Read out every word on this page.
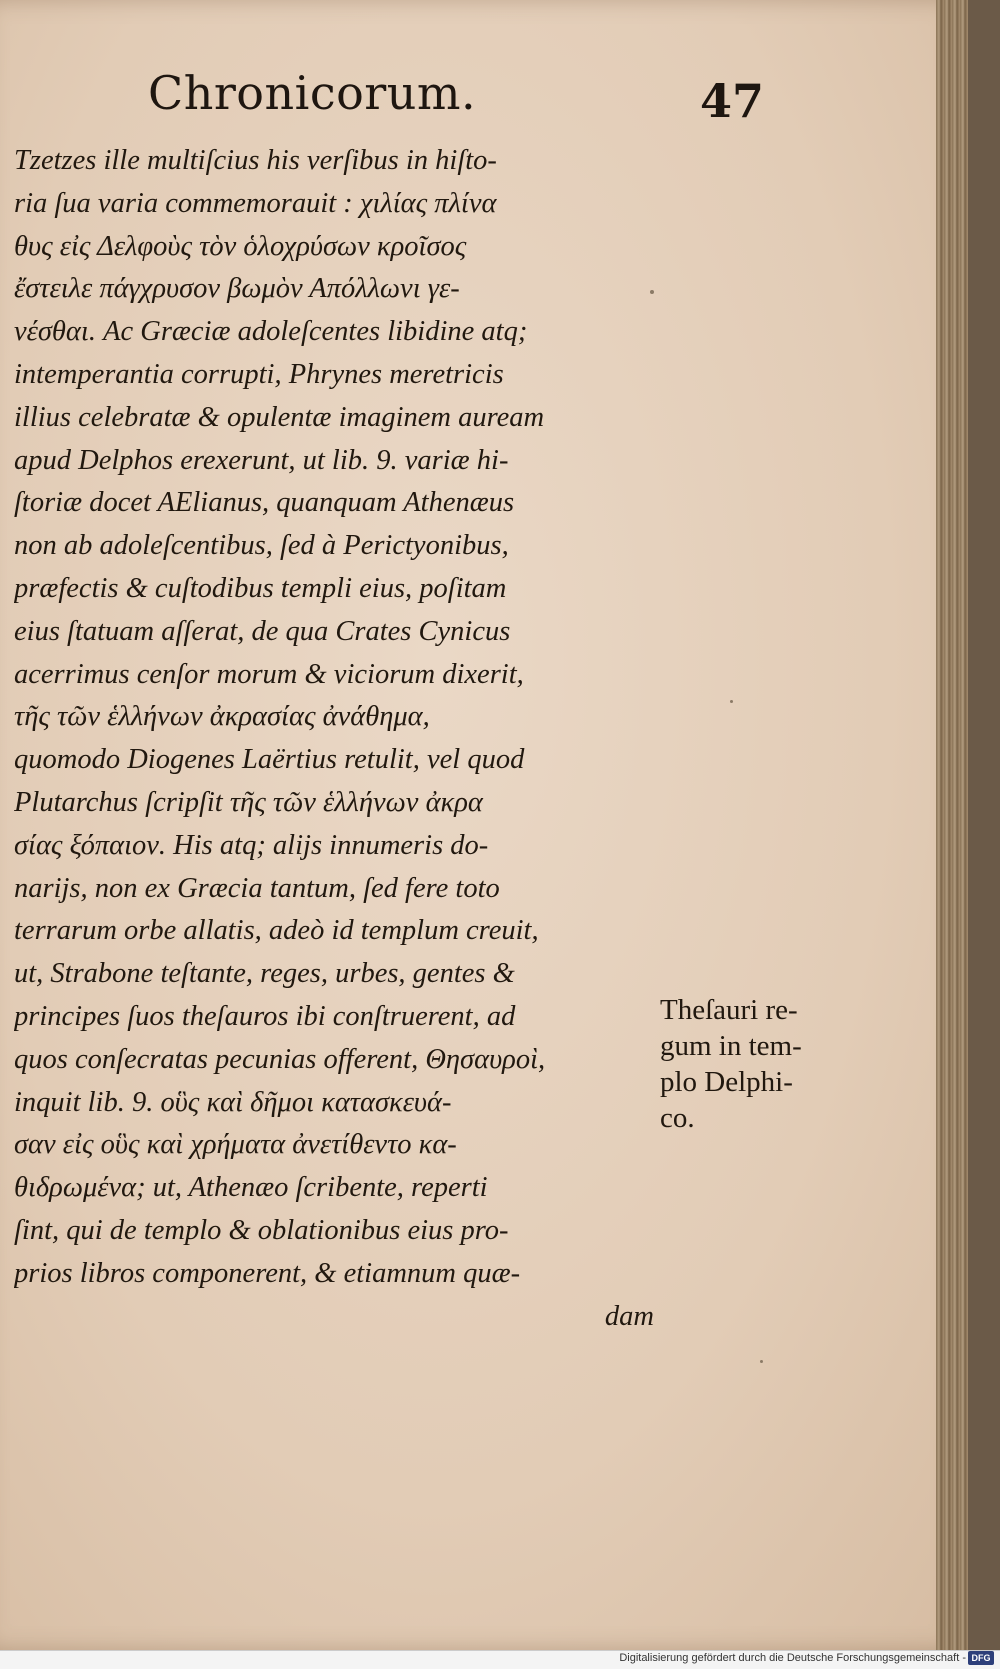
Chronicorum.	47
Tzetzes ille multiſcius his verſibus in hiſto-
ria ſua varia commemorauit : χιλίας πλίνα
θυς εἰς Δελφοὺς τὸν ὁλοχρύσων κροῖσος
ἔστειλε πάγχρυσον βωμὸν Απόλλωνι γε-
νέσθαι. Ac Græciæ adoleſcentes libidine atq;
intemperantia corrupti, Phrynes meretricis
illius celebratæ & opulentæ imaginem auream
apud Delphos erexerunt, ut lib. 9. variæ hi-
ſtoriæ docet AElianus, quanquam Athenæus
non ab adoleſcentibus, ſed à Perictyonibus,
præfectis & cuſtodibus templi eius, poſitam
eius ſtatuam aſſerat, de qua Crates Cynicus
acerrimus cenſor morum & viciorum dixerit,
τῆς τῶν ἑλλήνων ἀκρασίας ἀνάθημα,
quomodo Diogenes Laërtius retulit, vel quod
Plutarchus ſcripſit τῆς τῶν ἑλλήνων ἀκρα
σίας ξόπαιον. His atq; alijs innumeris do-
narijs, non ex Græcia tantum, ſed fere toto
terrarum orbe allatis, adeò id templum creuit,
ut, Strabone teſtante, reges, urbes, gentes &
principes ſuos theſauros ibi conſtruerent, ad
quos conſecratas pecunias offerent, Θησαυροὶ,
inquit lib. 9. οὓς καὶ δῆμοι κατασκευά-
σαν εἰς οὓς καὶ χρήματα ἀνετίθεντο κα-
θιδρωμένα; ut, Athenæo ſcribente, reperti
ſint, qui de templo & oblationibus eius pro-
prios libros componerent, & etiamnum quæ-
dam
Theſauri re-
gum in tem-
plo Delphi-
co.
Digitalisierung gefördert durch die Deutsche Forschungsgemeinschaft - DFG
